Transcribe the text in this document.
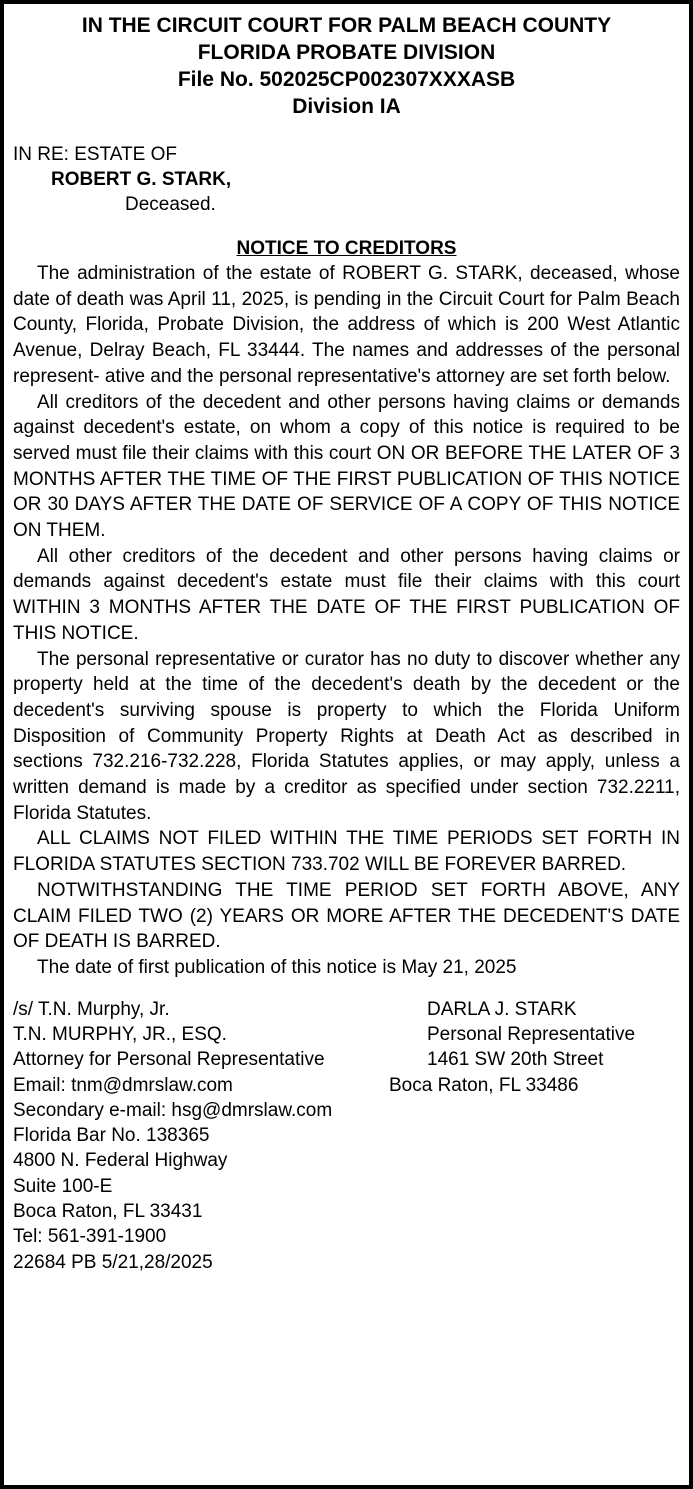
IN THE CIRCUIT COURT FOR PALM BEACH COUNTY
FLORIDA PROBATE DIVISION
File No. 502025CP002307XXXASB
Division IA
IN RE: ESTATE OF
ROBERT G. STARK,
Deceased.
NOTICE TO CREDITORS

The administration of the estate of ROBERT G. STARK, deceased, whose date of death was April 11, 2025, is pending in the Circuit Court for Palm Beach County, Florida, Probate Division, the address of which is 200 West Atlantic Avenue, Delray Beach, FL 33444. The names and addresses of the personal represent- ative and the personal representative's attorney are set forth below.

All creditors of the decedent and other persons having claims or demands against decedent's estate, on whom a copy of this notice is required to be served must file their claims with this court ON OR BEFORE THE LATER OF 3 MONTHS AFTER THE TIME OF THE FIRST PUBLICATION OF THIS NOTICE OR 30 DAYS AFTER THE DATE OF SERVICE OF A COPY OF THIS NOTICE ON THEM.

All other creditors of the decedent and other persons having claims or demands against decedent's estate must file their claims with this court WITHIN 3 MONTHS AFTER THE DATE OF THE FIRST PUBLICATION OF THIS NOTICE.

The personal representative or curator has no duty to discover whether any property held at the time of the decedent's death by the decedent or the decedent's surviving spouse is property to which the Florida Uniform Disposition of Community Property Rights at Death Act as described in sections 732.216-732.228, Florida Statutes applies, or may apply, unless a written demand is made by a creditor as specified under section 732.2211, Florida Statutes.

ALL CLAIMS NOT FILED WITHIN THE TIME PERIODS SET FORTH IN FLORIDA STATUTES SECTION 733.702 WILL BE FOREVER BARRED.

NOTWITHSTANDING THE TIME PERIOD SET FORTH ABOVE, ANY CLAIM FILED TWO (2) YEARS OR MORE AFTER THE DECEDENT'S DATE OF DEATH IS BARRED.

The date of first publication of this notice is May 21, 2025

/s/ T.N. Murphy, Jr.
T.N. MURPHY, JR., ESQ.
Attorney for Personal Representative
Email: tnm@dmrslaw.com
Secondary e-mail: hsg@dmrslaw.com
Florida Bar No. 138365
4800 N. Federal Highway
Suite 100-E
Boca Raton, FL 33431
Tel: 561-391-1900
22684 PB 5/21,28/2025
DARLA J. STARK
Personal Representative
1461 SW 20th Street
Boca Raton, FL 33486
